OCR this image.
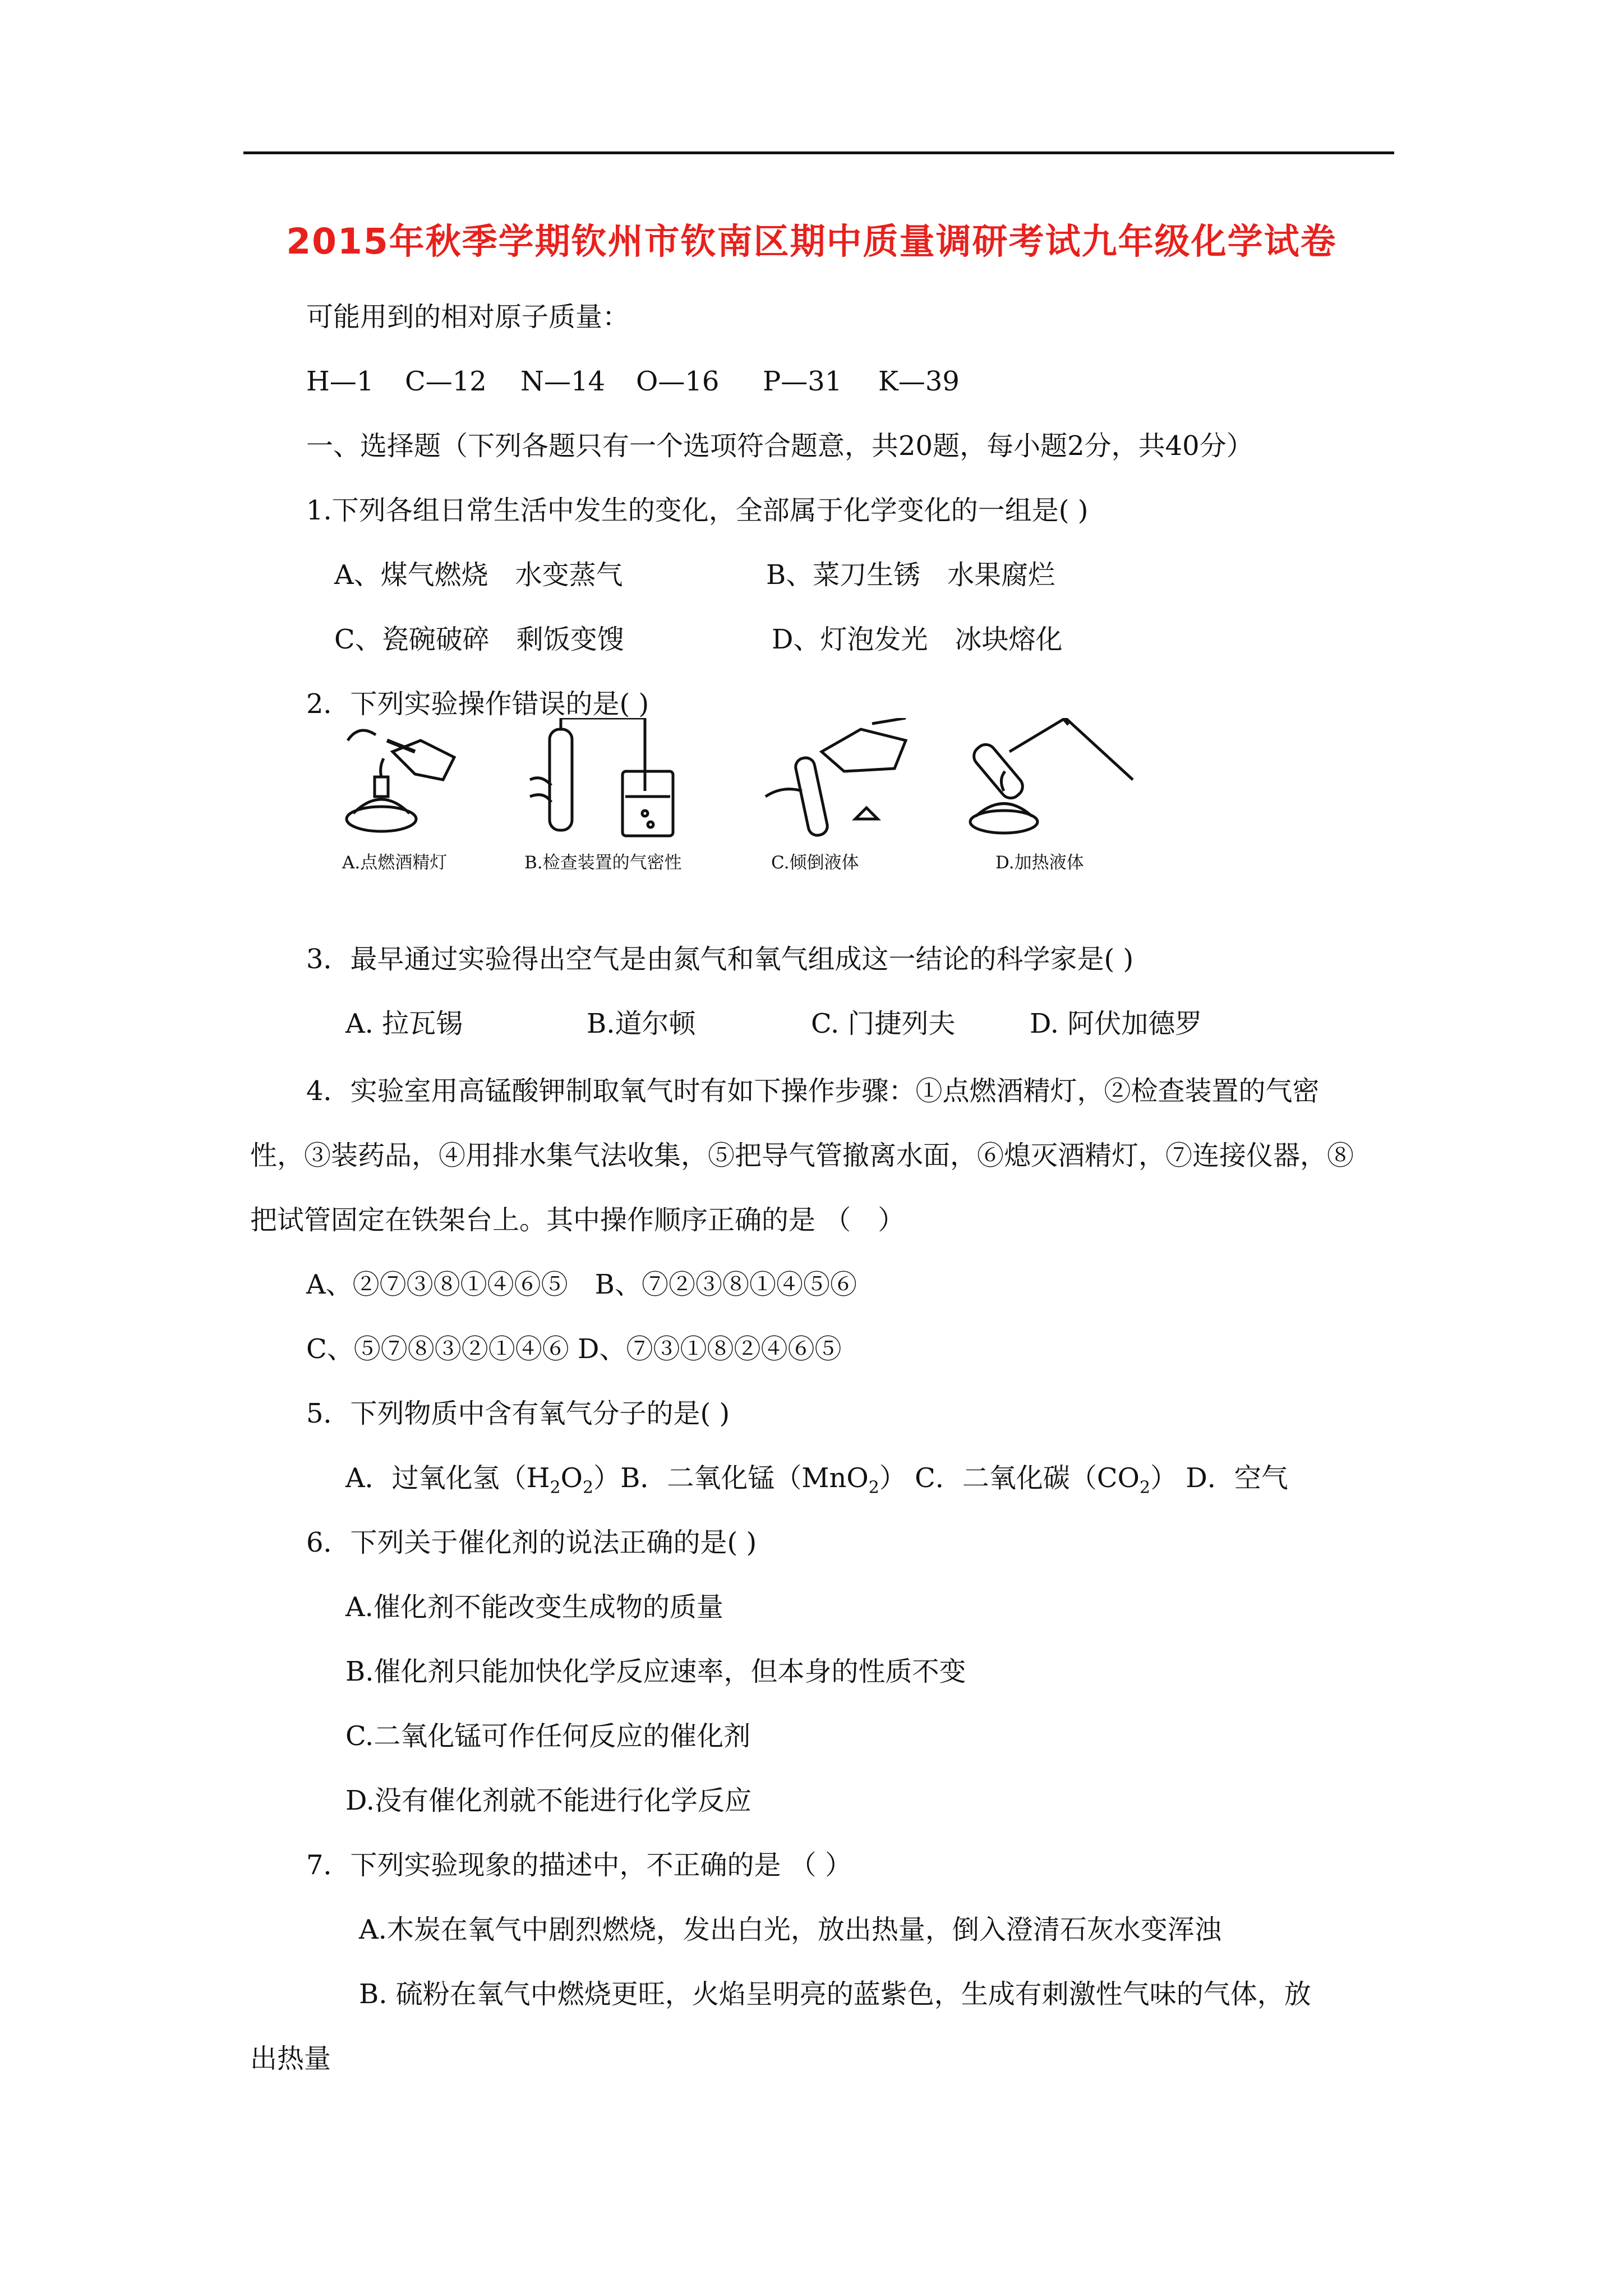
2015年秋季学期钦州市钦南区期中质量调研考试九年级化学试卷
可能用到的相对原子质量：
H—1 C—12 N—14 O—16 P—31 K—39
一、选择题（下列各题只有一个选项符合题意，共20题，每小题2分，共40分）
1.下列各组日常生活中发生的变化，全部属于化学变化的一组是( )
A、煤气燃烧　水变蒸气	B、菜刀生锈　水果腐烂
C、瓷碗破碎　剩饭变馊	D、灯泡发光　冰块熔化
2．下列实验操作错误的是( )
A.点燃酒精灯	B.检查装置的气密性	C.倾倒液体	D.加热液体
3．最早通过实验得出空气是由氮气和氧气组成这一结论的科学家是( )
A. 拉瓦锡	B.道尔顿	C. 门捷列夫	D. 阿伏加德罗
4．实验室用高锰酸钾制取氧气时有如下操作步骤：①点燃酒精灯，②检查装置的气密
性，③装药品，④用排水集气法收集，⑤把导气管撤离水面，⑥熄灭酒精灯，⑦连接仪器，⑧
把试管固定在铁架台上。其中操作顺序正确的是 （　）
A、②⑦③⑧①④⑥⑤　B、⑦②③⑧①④⑤⑥
C、⑤⑦⑧③②①④⑥ D、⑦③①⑧②④⑥⑤
5．下列物质中含有氧气分子的是( )
A．过氧化氢$(H_2O_2)B$．二氧化锰（MnO$_2$） C．二氧化碳$(CO_2)$ D．空气
6．下列关于催化剂的说法正确的是( )
A.催化剂不能改变生成物的质量
B.催化剂只能加快化学反应速率，但本身的性质不变
C.二氧化锰可作任何反应的催化剂
D.没有催化剂就不能进行化学反应
7．下列实验现象的描述中，不正确的是 （ ）
A.木炭在氧气中剧烈燃烧，发出白光，放出热量，倒入澄清石灰水变浑浊
B. 硫粉在氧气中燃烧更旺，火焰呈明亮的蓝紫色，生成有刺激性气味的气体，放
出热量
